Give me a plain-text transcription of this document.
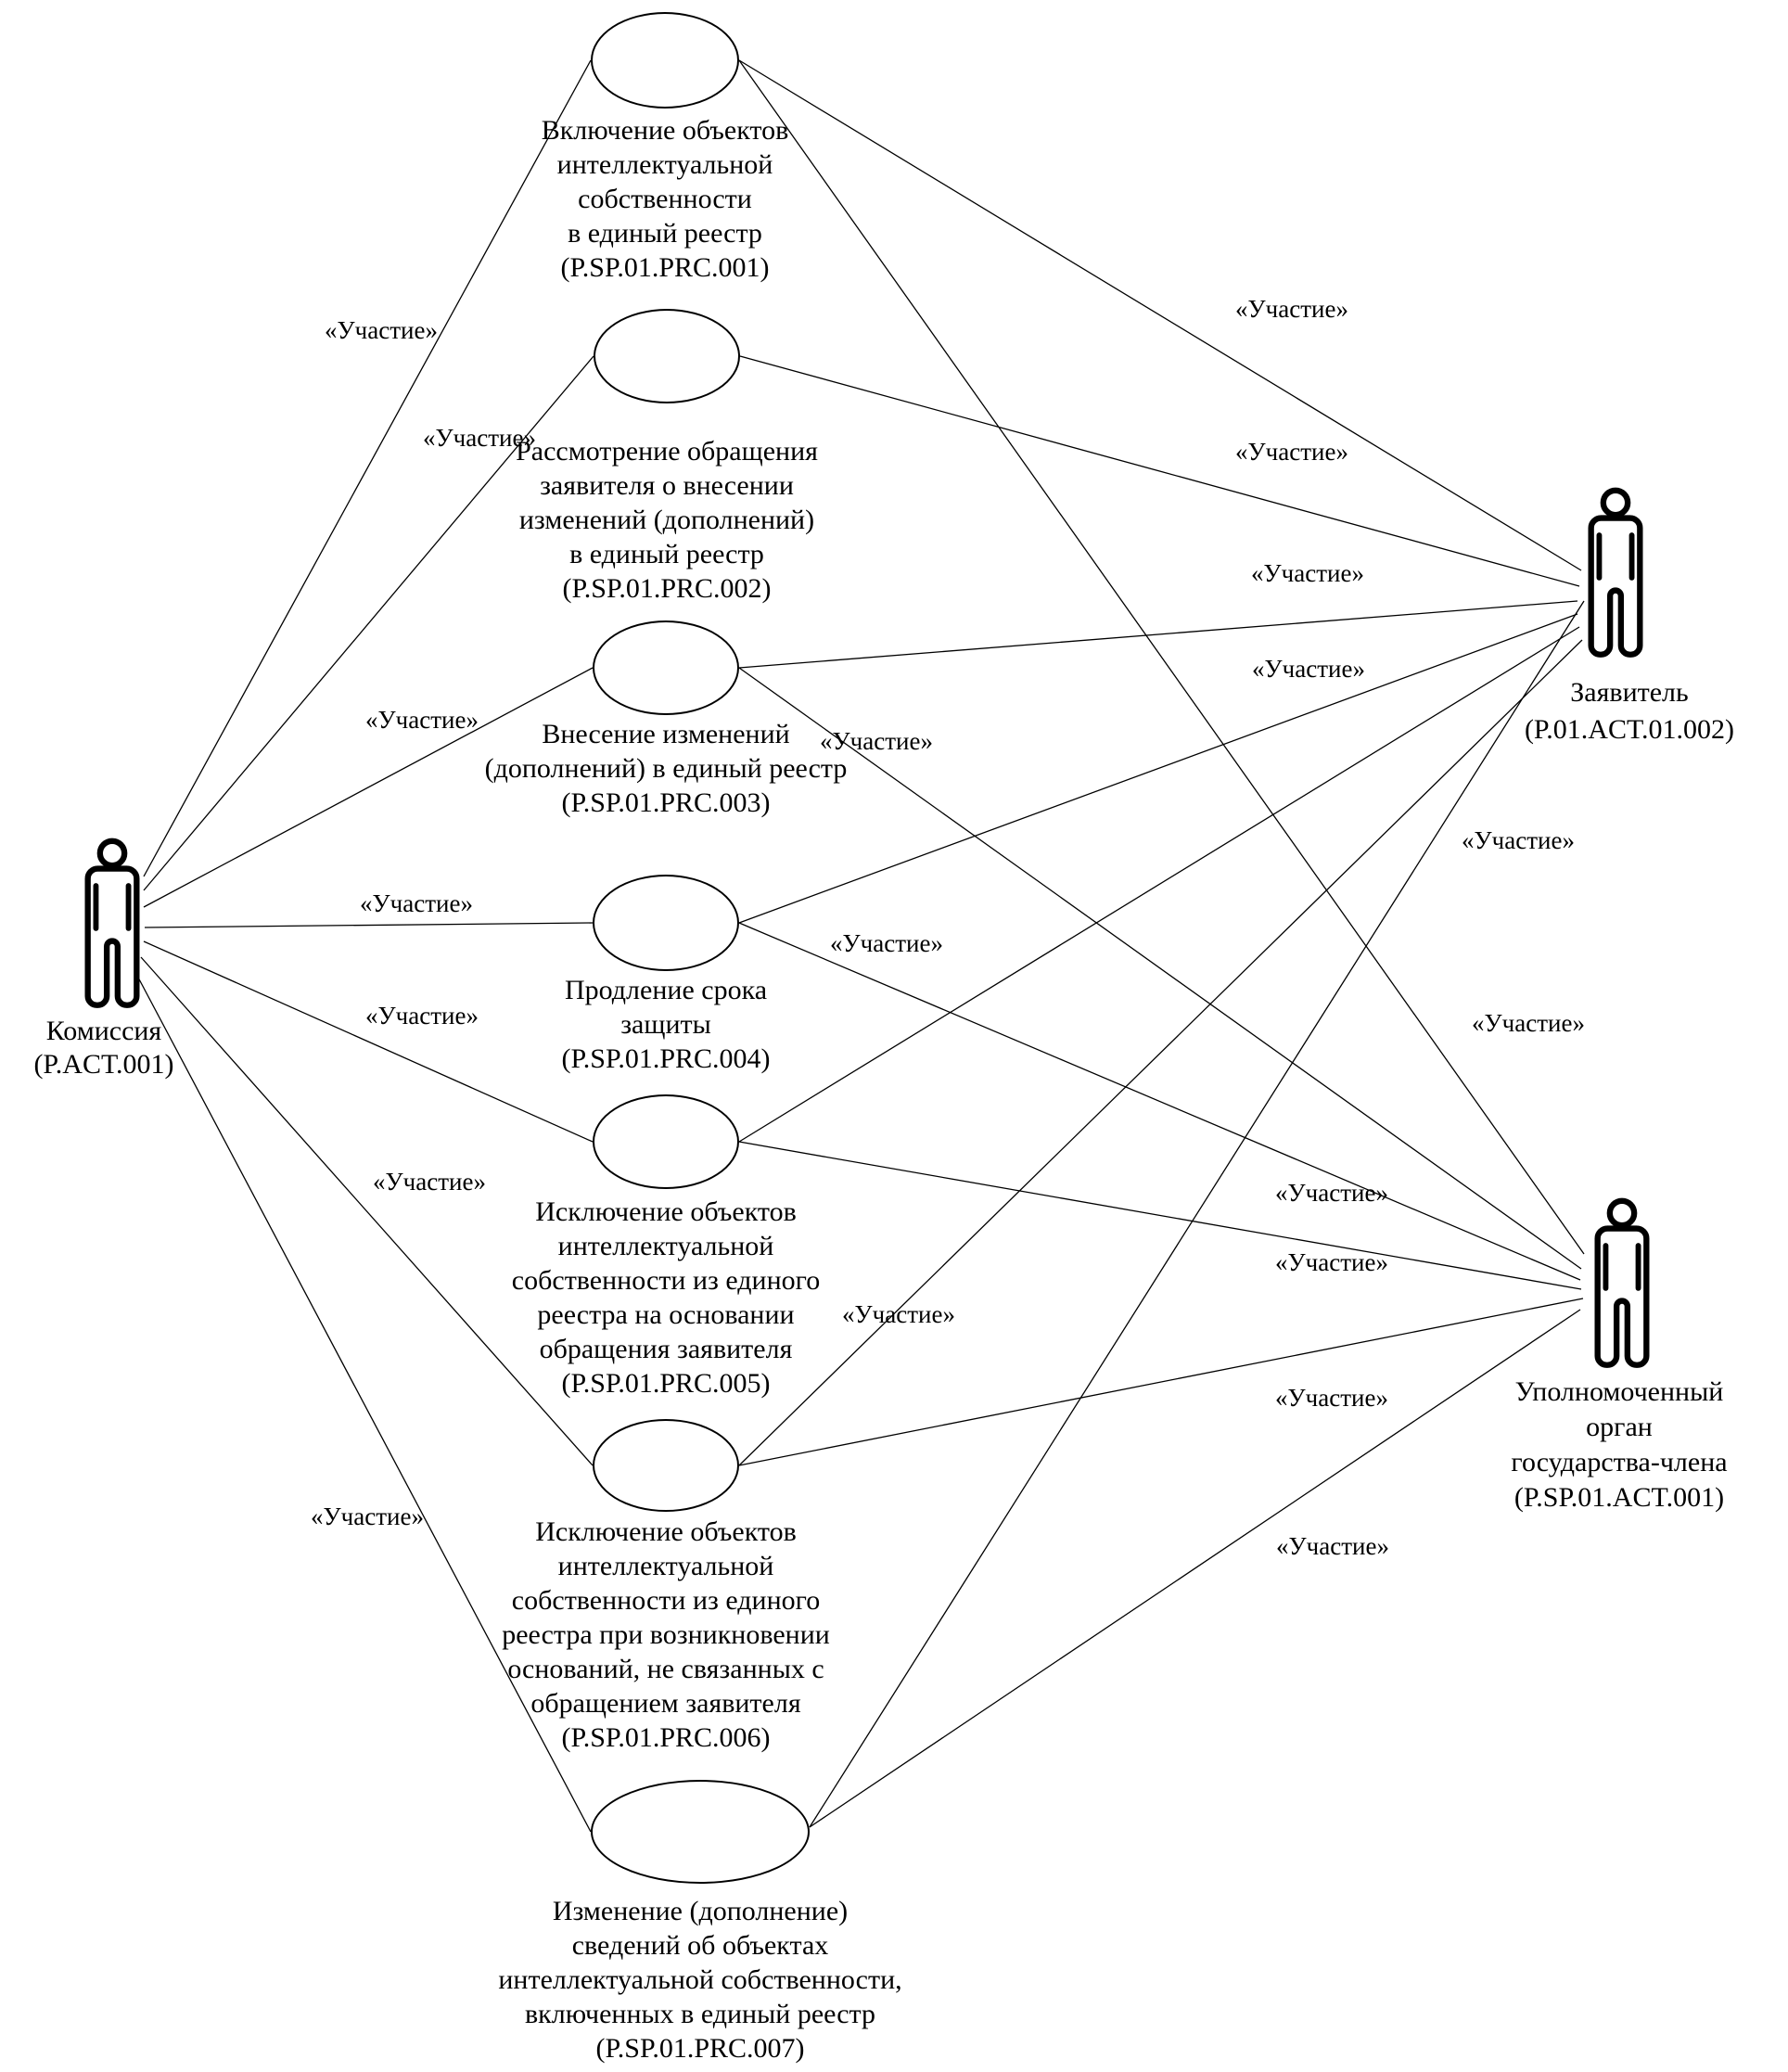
Включение объектов
интеллектуальной
собственности
в единый реестр
(P.SP.01.PRC.001)
Рассмотрение обращения
заявителя о внесении
изменений (дополнений)
в единый реестр
(P.SP.01.PRC.002)
Внесение изменений
(дополнений) в единый реестр
(P.SP.01.PRC.003)
Продление срока
защиты
(P.SP.01.PRC.004)
Исключение объектов
интеллектуальной
собственности из единого
реестра на основании
обращения заявителя
(P.SP.01.PRC.005)
Исключение объектов
интеллектуальной
собственности из единого
реестра при возникновении
оснований, не связанных с
обращением заявителя
(P.SP.01.PRC.006)
Изменение (дополнение)
сведений об объектах
интеллектуальной собственности,
включенных в единый реестр
(P.SP.01.PRC.007)
«Участие»
«Участие»
«Участие»
«Участие»
«Участие»
«Участие»
«Участие»
«Участие»
«Участие»
«Участие»
«Участие»
«Участие»
«Участие»
«Участие»
«Участие»
«Участие»
«Участие»
«Участие»
«Участие»
«Участие»
Комиссия
(P.ACT.001)
Заявитель
(P.01.ACT.01.002)
Уполномоченный
орган
государства-члена
(P.SP.01.ACT.001)
